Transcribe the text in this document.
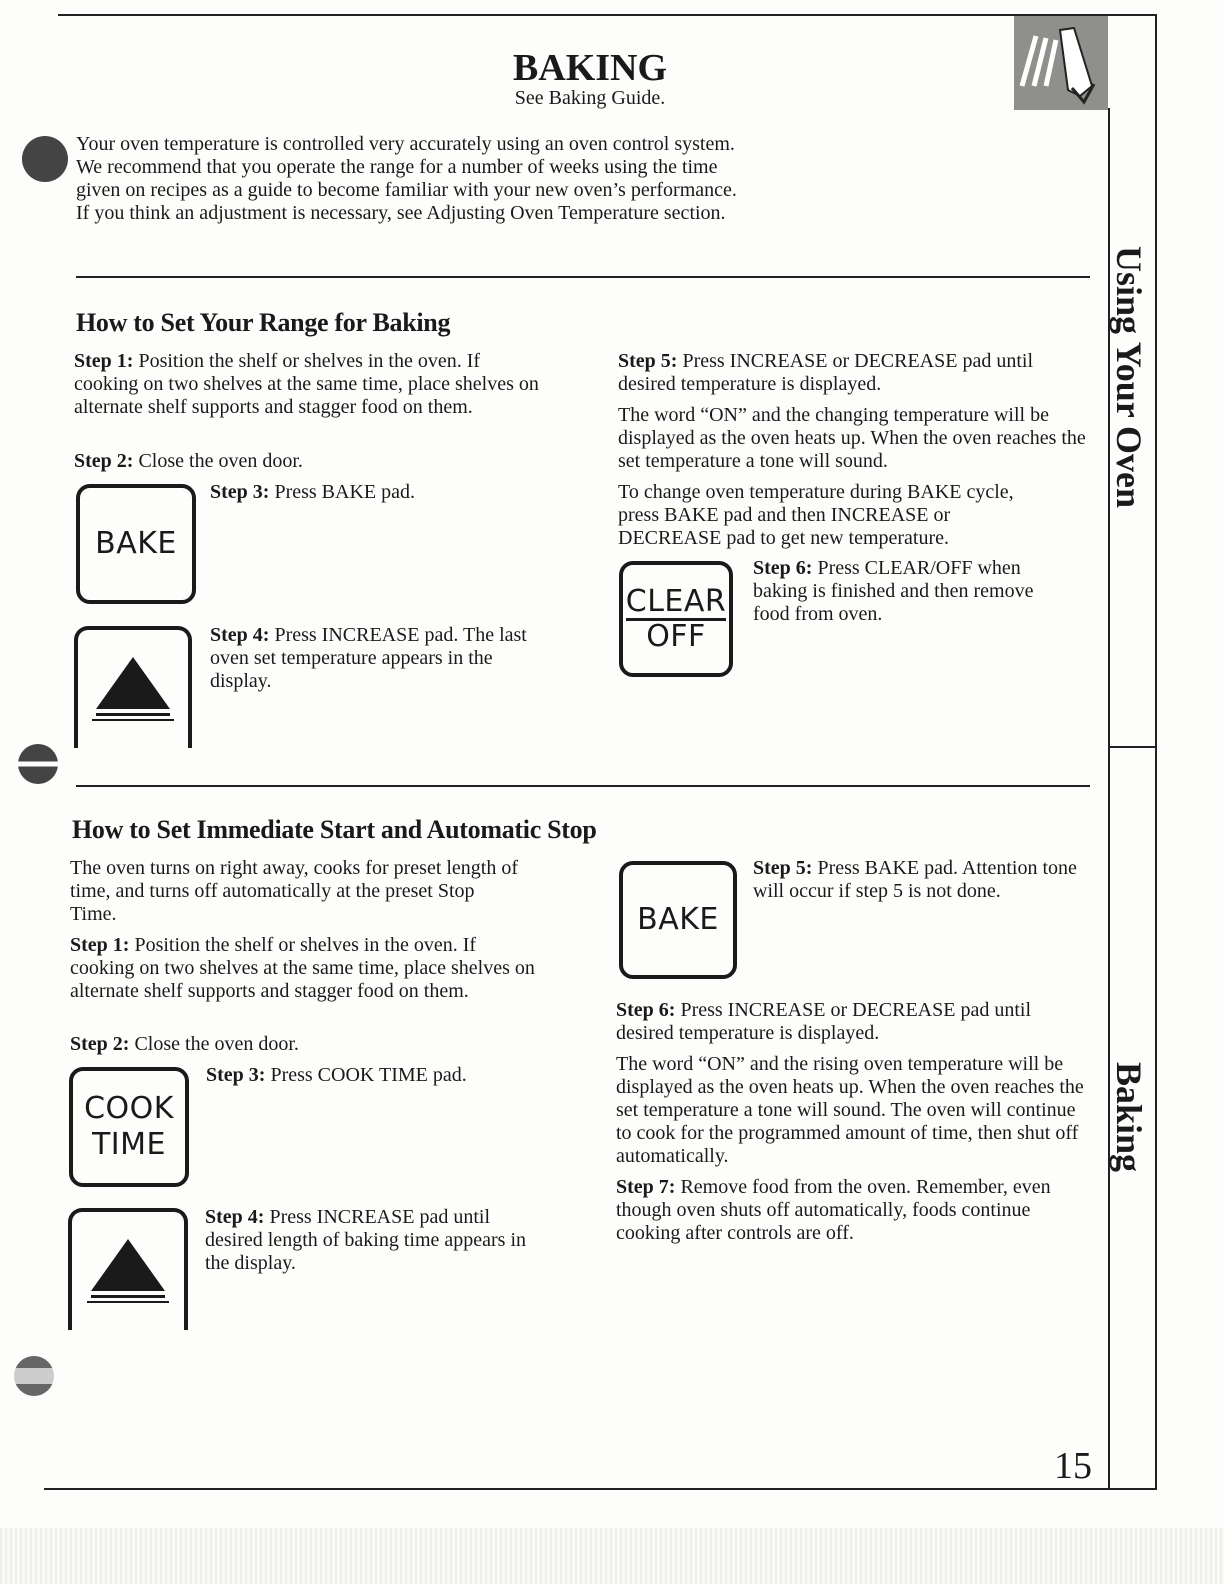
BAKING
See Baking Guide.

Your oven temperature is controlled very accurately using an oven control system. We recommend that you operate the range for a number of weeks using the time given on recipes as a guide to become familiar with your new oven’s performance. If you think an adjustment is necessary, see Adjusting Oven Temperature section.

Using Your Oven
Baking
How to Set Your Range for Baking
Step 1: Position the shelf or shelves in the oven. If cooking on two shelves at the same time, place shelves on alternate shelf supports and stagger food on them.
Step 2: Close the oven door.
BAKE
Step 3: Press BAKE pad.
Step 4: Press INCREASE pad. The last oven set temperature appears in the display.
Step 5: Press INCREASE or DECREASE pad until desired temperature is displayed.

The word “ON” and the changing temperature will be displayed as the oven heats up. When the oven reaches the set temperature a tone will sound.

To change oven temperature during BAKE cycle, press BAKE pad and then INCREASE or DECREASE pad to get new temperature.

CLEAR
OFF
Step 6: Press CLEAR/OFF when baking is finished and then remove food from oven.
How to Set Immediate Start and Automatic Stop

The oven turns on right away, cooks for preset length of time, and turns off automatically at the preset Stop Time.

Step 1: Position the shelf or shelves in the oven. If cooking on two shelves at the same time, place shelves on alternate shelf supports and stagger food on them.
Step 2: Close the oven door.
COOK
TIME
Step 3: Press COOK TIME pad.
Step 4: Press INCREASE pad until desired length of baking time appears in the display.
BAKE
Step 5: Press BAKE pad. Attention tone will occur if step 5 is not done.
Step 6: Press INCREASE or DECREASE pad until desired temperature is displayed.

The word “ON” and the rising oven temperature will be displayed as the oven heats up. When the oven reaches the set temperature a tone will sound. The oven will continue to cook for the programmed amount of time, then shut off automatically.

Step 7: Remove food from the oven. Remember, even though oven shuts off automatically, foods continue cooking after controls are off.
15
